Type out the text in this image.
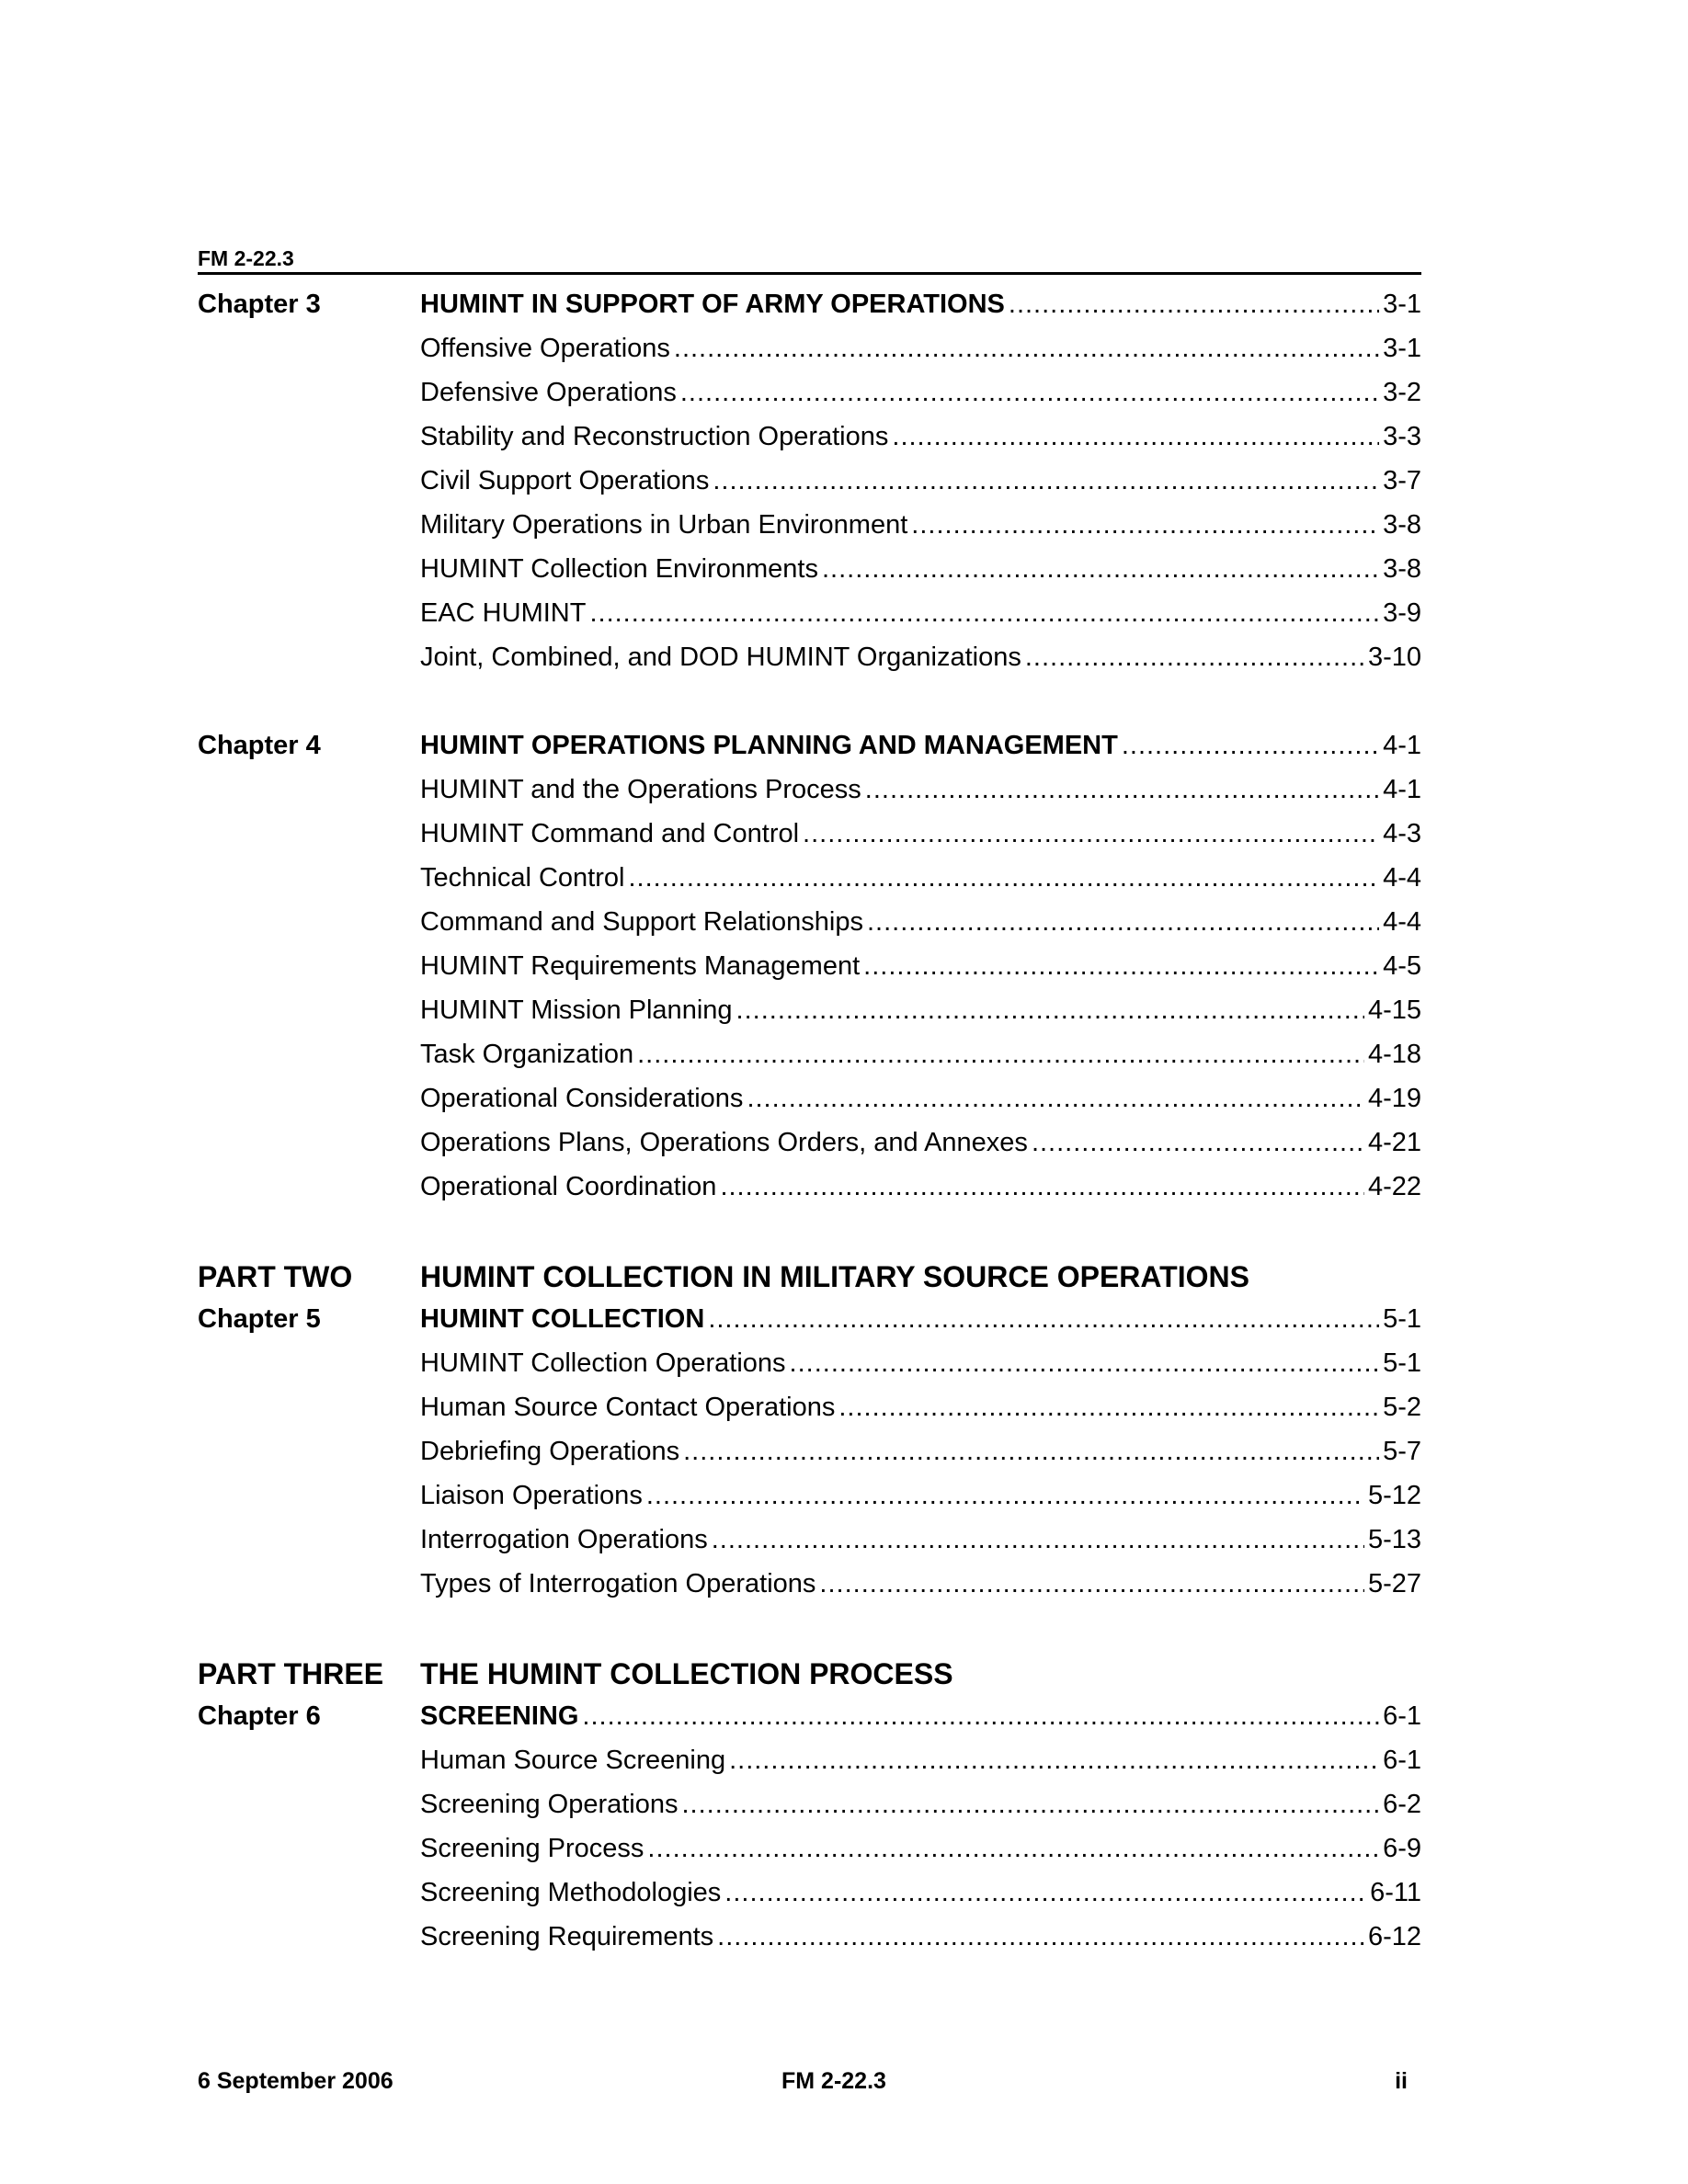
FM 2-22.3
Chapter 3	HUMINT IN SUPPORT OF ARMY OPERATIONS .....	3-1
Offensive Operations .....	3-1
Defensive Operations .....	3-2
Stability and Reconstruction Operations .....	3-3
Civil Support Operations .....	3-7
Military Operations in Urban Environment .....	3-8
HUMINT Collection Environments .....	3-8
EAC HUMINT .....	3-9
Joint, Combined, and DOD HUMINT Organizations .....	3-10
Chapter 4	HUMINT OPERATIONS PLANNING AND MANAGEMENT .....	4-1
HUMINT and the Operations Process .....	4-1
HUMINT Command and Control .....	4-3
Technical Control .....	4-4
Command and Support Relationships .....	4-4
HUMINT Requirements Management .....	4-5
HUMINT Mission Planning .....	4-15
Task Organization .....	4-18
Operational Considerations .....	4-19
Operations Plans, Operations Orders, and Annexes .....	4-21
Operational Coordination .....	4-22
PART TWO	HUMINT COLLECTION IN MILITARY SOURCE OPERATIONS
Chapter 5	HUMINT COLLECTION .....	5-1
HUMINT Collection Operations .....	5-1
Human Source Contact Operations .....	5-2
Debriefing Operations .....	5-7
Liaison Operations .....	5-12
Interrogation Operations .....	5-13
Types of Interrogation Operations .....	5-27
PART THREE	THE HUMINT COLLECTION PROCESS
Chapter 6	SCREENING .....	6-1
Human Source Screening .....	6-1
Screening Operations .....	6-2
Screening Process .....	6-9
Screening Methodologies .....	6-11
Screening Requirements .....	6-12
6 September 2006	FM 2-22.3	ii
